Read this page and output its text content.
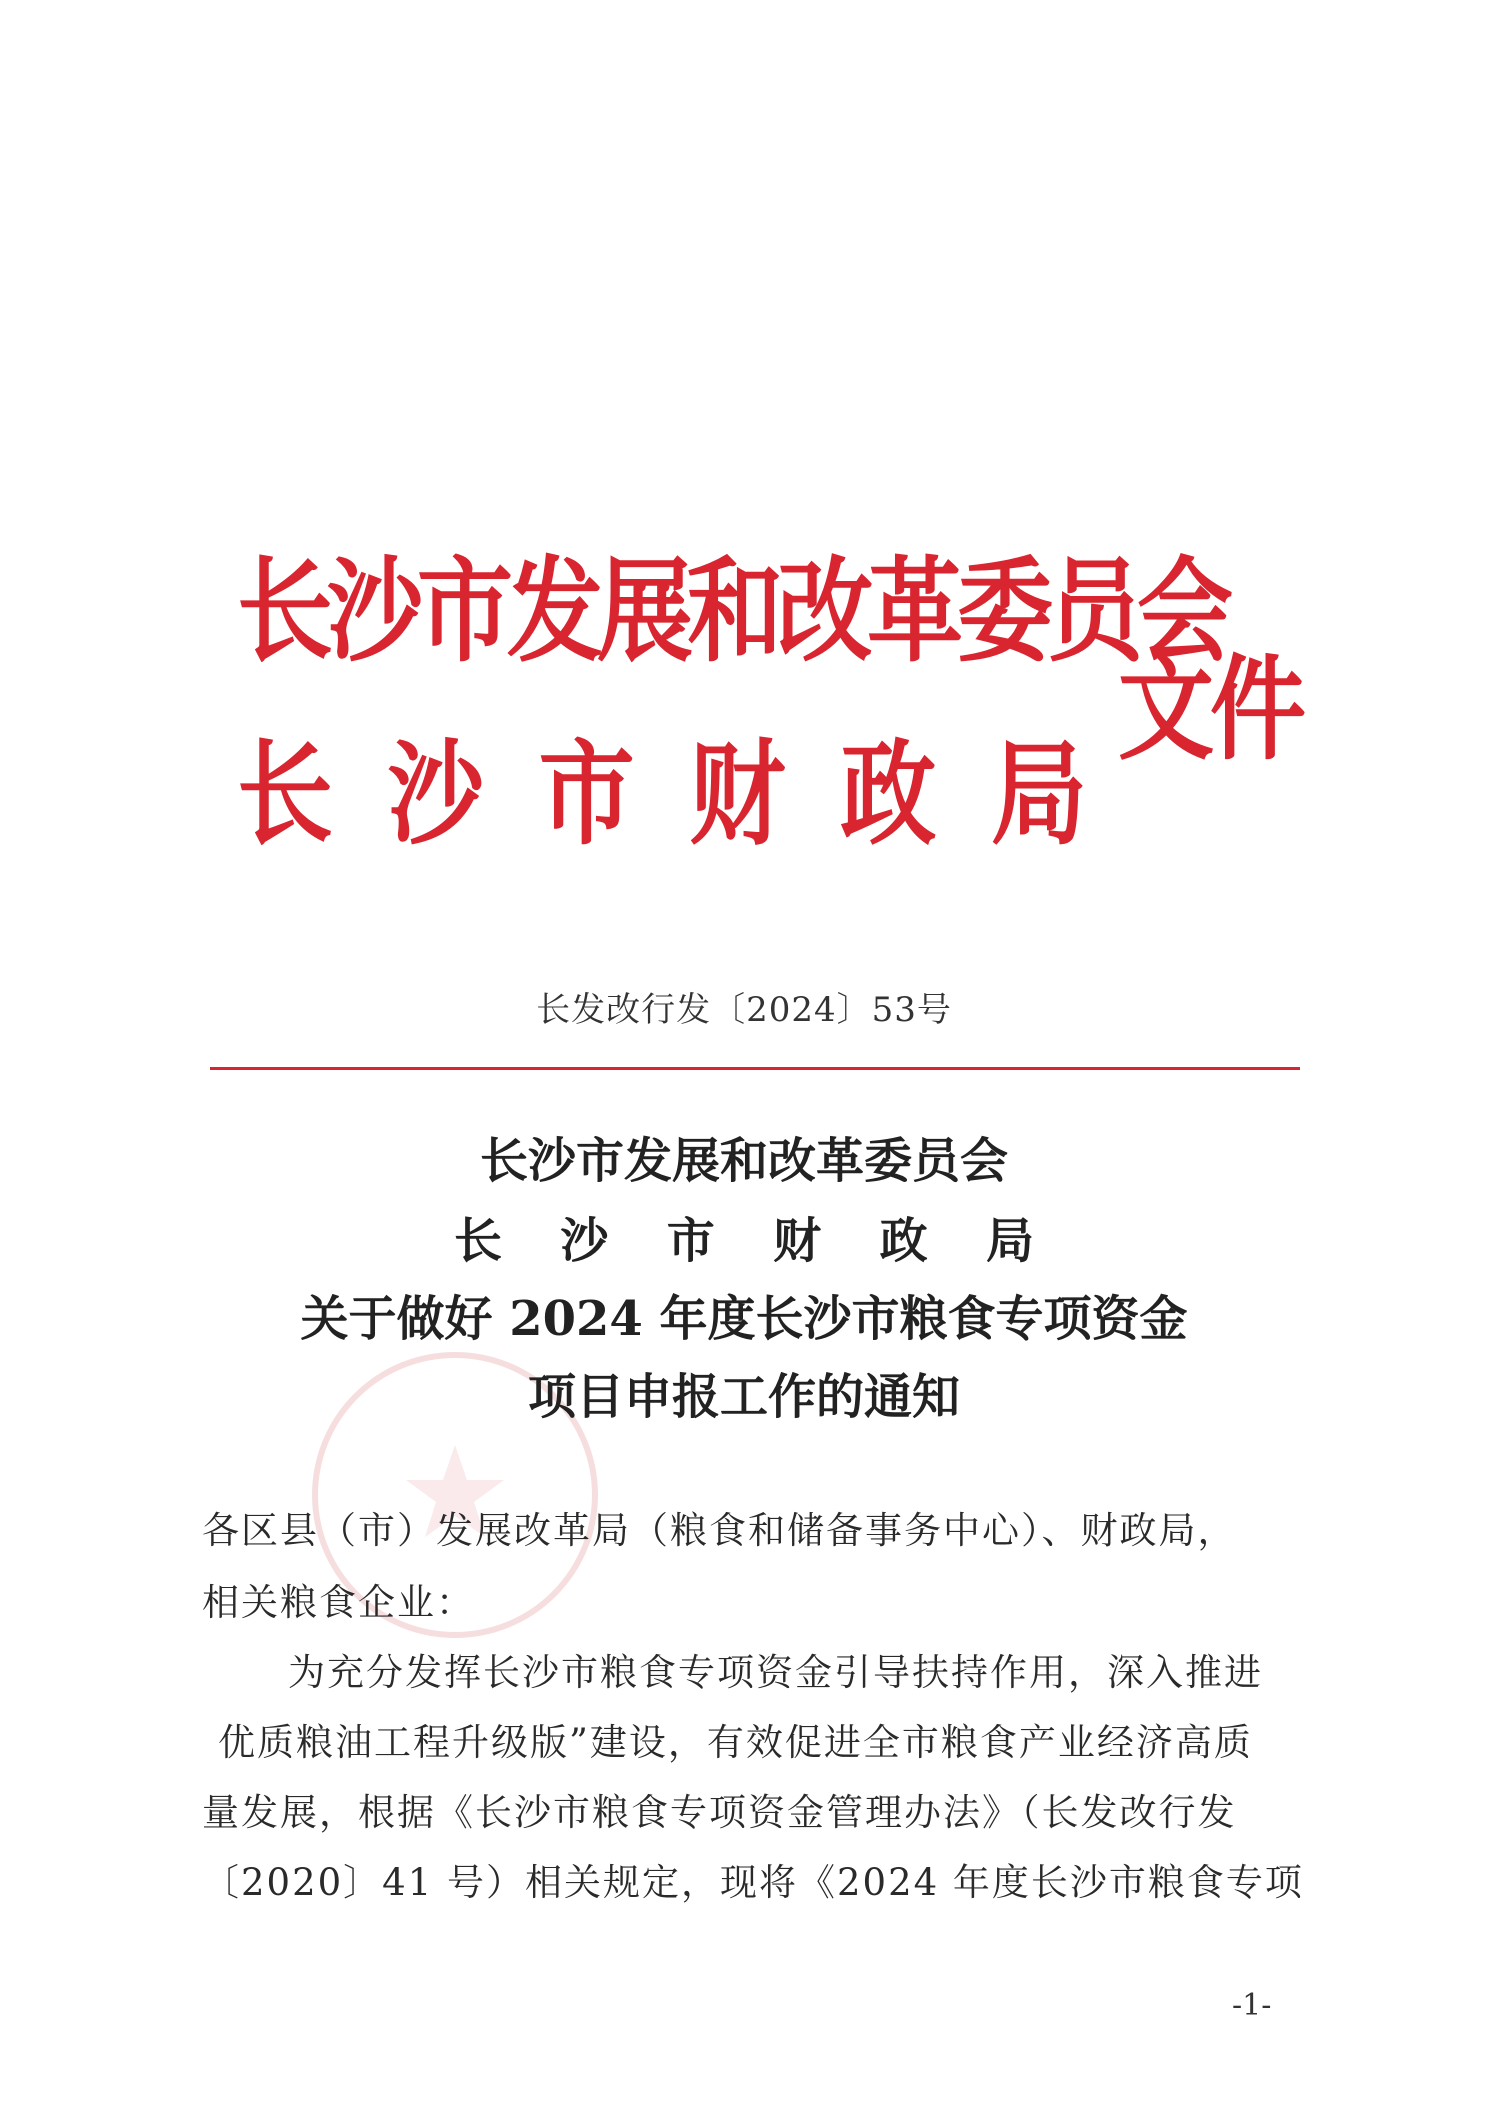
长沙市发展和改革委员会
长 沙 市 财 政 局
文件
长发改行发〔2024〕53号
长沙市发展和改革委员会
长 沙 市 财 政 局
关于做好 2024 年度长沙市粮食专项资金
项目申报工作的通知
各区县（市）发展改革局（粮食和储备事务中心）、财政局，
相关粮食企业：
为充分发挥长沙市粮食专项资金引导扶持作用，深入推进
优质粮油工程升级版”建设，有效促进全市粮食产业经济高质
量发展，根据《长沙市粮食专项资金管理办法》（长发改行发
〔2020〕41 号）相关规定，现将《2024 年度长沙市粮食专项
-1-
